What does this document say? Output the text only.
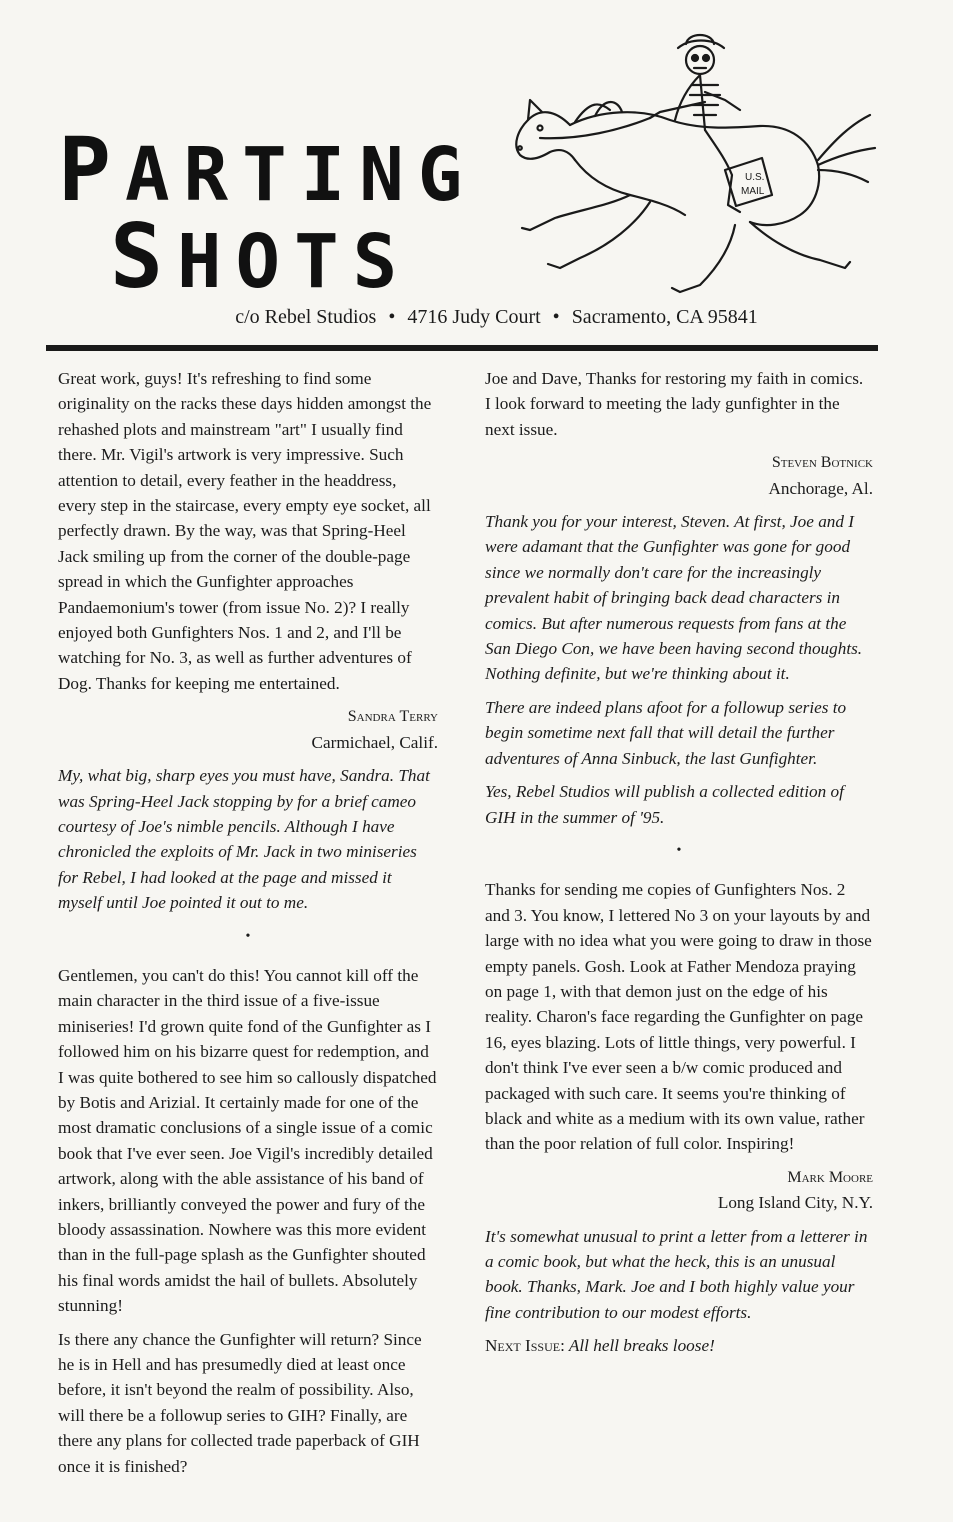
PARTING
SHOTS
U.S.
MAIL
c/o Rebel Studios • 4716 Judy Court • Sacramento, CA 95841

Great work, guys! It's refreshing to find some originality on the racks these days hidden amongst the rehashed plots and mainstream "art" I usually find there. Mr. Vigil's artwork is very impressive. Such attention to detail, every feather in the headdress, every step in the staircase, every empty eye socket, all perfectly drawn. By the way, was that Spring-Heel Jack smiling up from the corner of the double-page spread in which the Gunfighter approaches Pandaemonium's tower (from issue No. 2)? I really enjoyed both Gunfighters Nos. 1 and 2, and I'll be watching for No. 3, as well as further adventures of Dog. Thanks for keeping me entertained.

Sandra Terry
Carmichael, Calif.

My, what big, sharp eyes you must have, Sandra. That was Spring-Heel Jack stopping by for a brief cameo courtesy of Joe's nimble pencils. Although I have chronicled the exploits of Mr. Jack in two miniseries for Rebel, I had looked at the page and missed it myself until Joe pointed it out to me.

•

Gentlemen, you can't do this! You cannot kill off the main character in the third issue of a five-issue miniseries! I'd grown quite fond of the Gunfighter as I followed him on his bizarre quest for redemption, and I was quite bothered to see him so callously dispatched by Botis and Arizial. It certainly made for one of the most dramatic conclusions of a single issue of a comic book that I've ever seen. Joe Vigil's incredibly detailed artwork, along with the able assistance of his band of inkers, brilliantly conveyed the power and fury of the bloody assassination. Nowhere was this more evident than in the full-page splash as the Gunfighter shouted his final words amidst the hail of bullets. Absolutely stunning!

Is there any chance the Gunfighter will return? Since he is in Hell and has presumedly died at least once before, it isn't beyond the realm of possibility. Also, will there be a followup series to GIH? Finally, are there any plans for collected trade paperback of GIH once it is finished?

Joe and Dave, Thanks for restoring my faith in comics. I look forward to meeting the lady gunfighter in the next issue.

Steven Botnick
Anchorage, Al.

Thank you for your interest, Steven. At first, Joe and I were adamant that the Gunfighter was gone for good since we normally don't care for the increasingly prevalent habit of bringing back dead characters in comics. But after numerous requests from fans at the San Diego Con, we have been having second thoughts. Nothing definite, but we're thinking about it.

There are indeed plans afoot for a followup series to begin sometime next fall that will detail the further adventures of Anna Sinbuck, the last Gunfighter.

Yes, Rebel Studios will publish a collected edition of GIH in the summer of '95.

•

Thanks for sending me copies of Gunfighters Nos. 2 and 3. You know, I lettered No 3 on your layouts by and large with no idea what you were going to draw in those empty panels. Gosh. Look at Father Mendoza praying on page 1, with that demon just on the edge of his reality. Charon's face regarding the Gunfighter on page 16, eyes blazing. Lots of little things, very powerful. I don't think I've ever seen a b/w comic produced and packaged with such care. It seems you're thinking of black and white as a medium with its own value, rather than the poor relation of full color. Inspiring!

Mark Moore
Long Island City, N.Y.

It's somewhat unusual to print a letter from a letterer in a comic book, but what the heck, this is an unusual book. Thanks, Mark. Joe and I both highly value your fine contribution to our modest efforts.

Next Issue: All hell breaks loose!
